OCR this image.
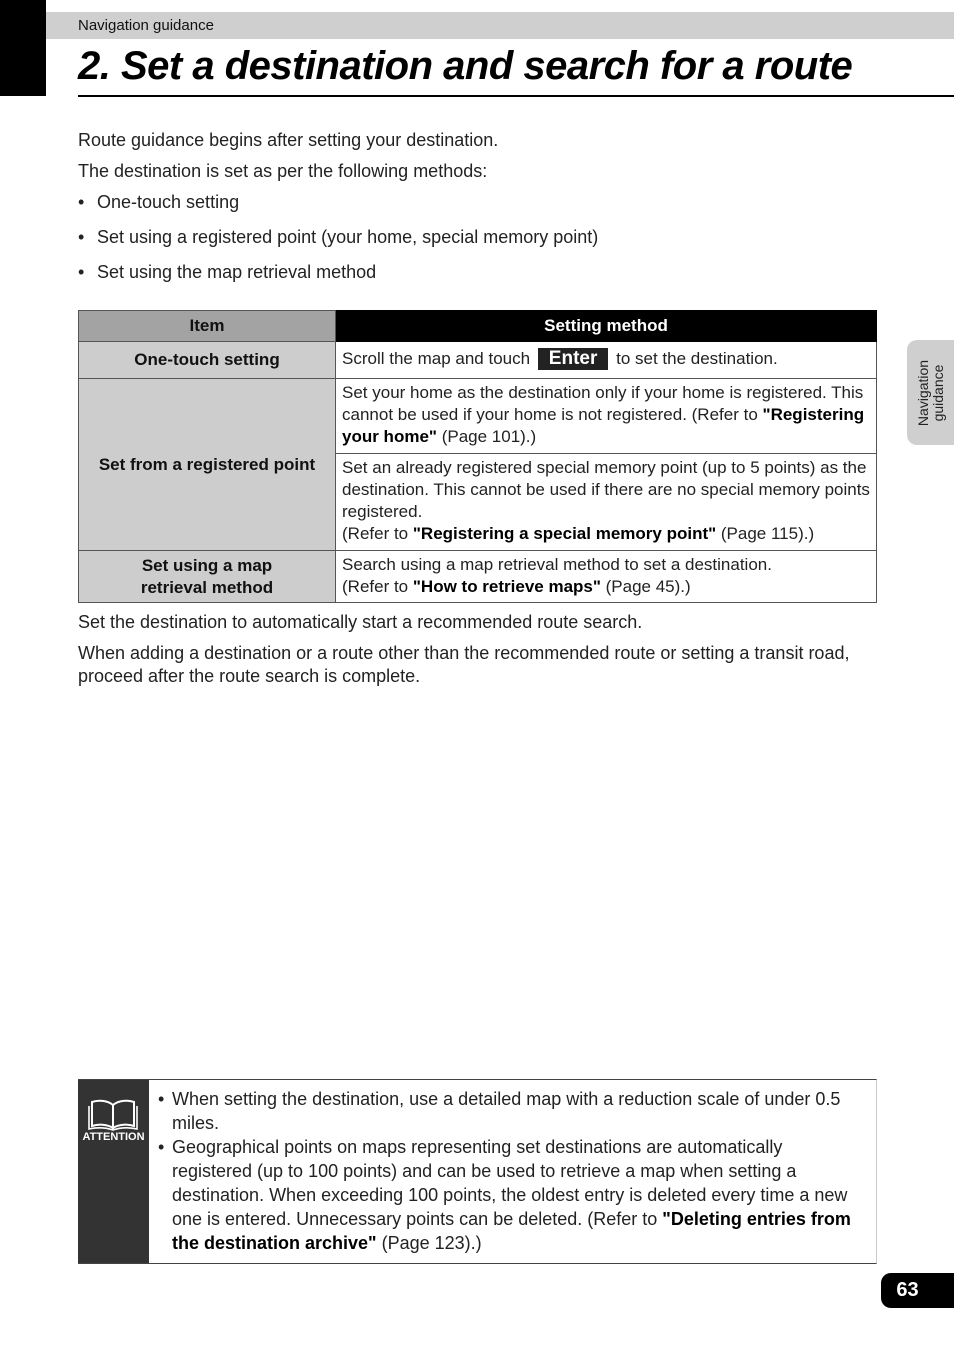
Navigation guidance
2. Set a destination and search for a route

Route guidance begins after setting your destination.

The destination is set as per the following methods:

• One-touch setting
• Set using a registered point (your home, special memory point)
• Set using the map retrieval method
Item	Setting method
One-touch setting	Scroll the map and touch Enter to set the destination.
Set from a registered point	Set your home as the destination only if your home is registered. This cannot be used if your home is not registered. (Refer to "Registering your home" (Page 101).)
	Set an already registered special memory point (up to 5 points) as the destination. This cannot be used if there are no special memory points registered.
(Refer to "Registering a special memory point" (Page 115).)
Set using a map retrieval method	Search using a map retrieval method to set a destination.
(Refer to "How to retrieve maps" (Page 45).)

Set the destination to automatically start a recommended route search.

When adding a destination or a route other than the recommended route or setting a transit road, proceed after the route search is complete.

Navigation
guidance
ATTENTION

• When setting the destination, use a detailed map with a reduction scale of under 0.5 miles.

• Geographical points on maps representing set destinations are automatically registered (up to 100 points) and can be used to retrieve a map when setting a destination. When exceeding 100 points, the oldest entry is deleted every time a new one is entered. Unnecessary points can be deleted. (Refer to "Deleting entries from the destination archive" (Page 123).)

63
